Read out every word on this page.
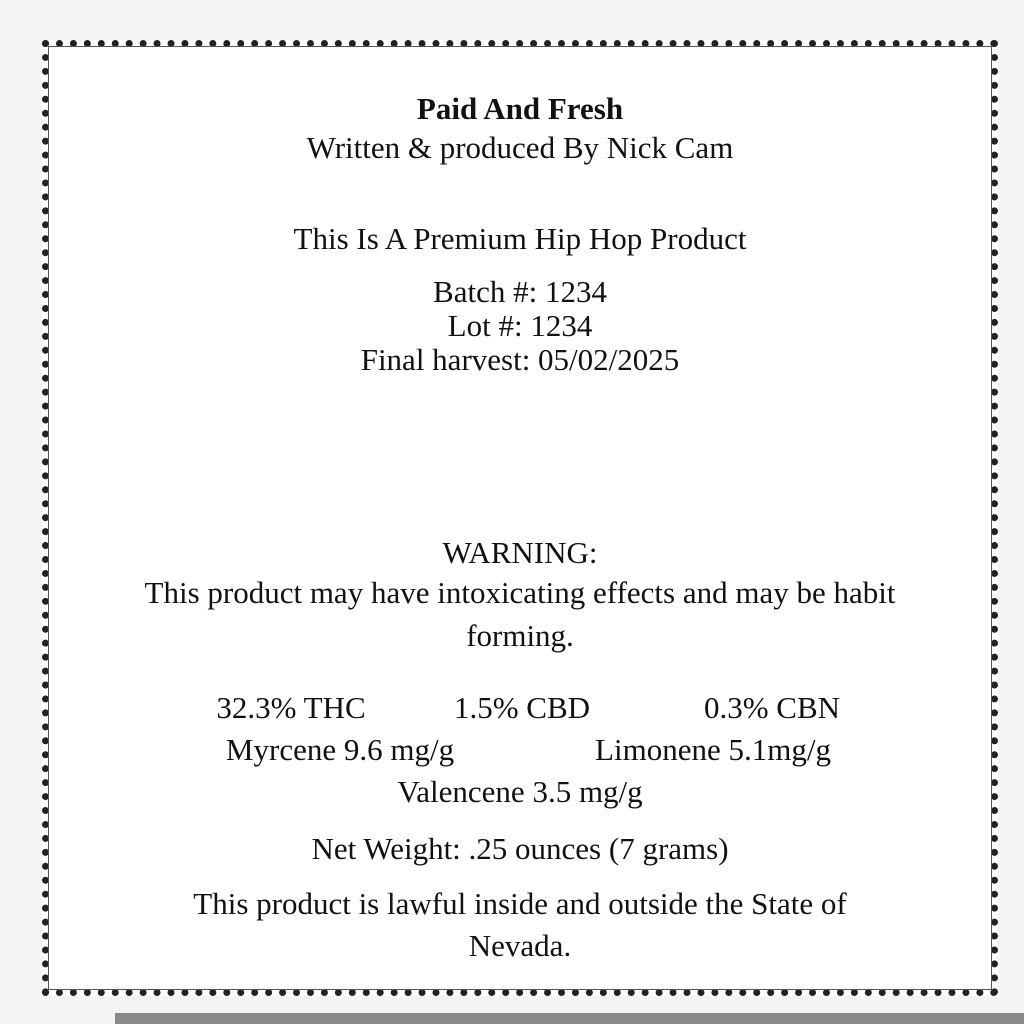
Paid And Fresh
Written & produced By Nick Cam
This Is A Premium Hip Hop Product
Batch #: 1234
Lot #: 1234
Final harvest: 05/02/2025
WARNING:
This product may have intoxicating effects and may be habit
forming.
32.3% THC	1.5% CBD	0.3% CBN
Myrcene 9.6 mg/g	Limonene 5.1mg/g
Valencene 3.5 mg/g
Net Weight: .25 ounces (7 grams)
This product is lawful inside and outside the State of
Nevada.
